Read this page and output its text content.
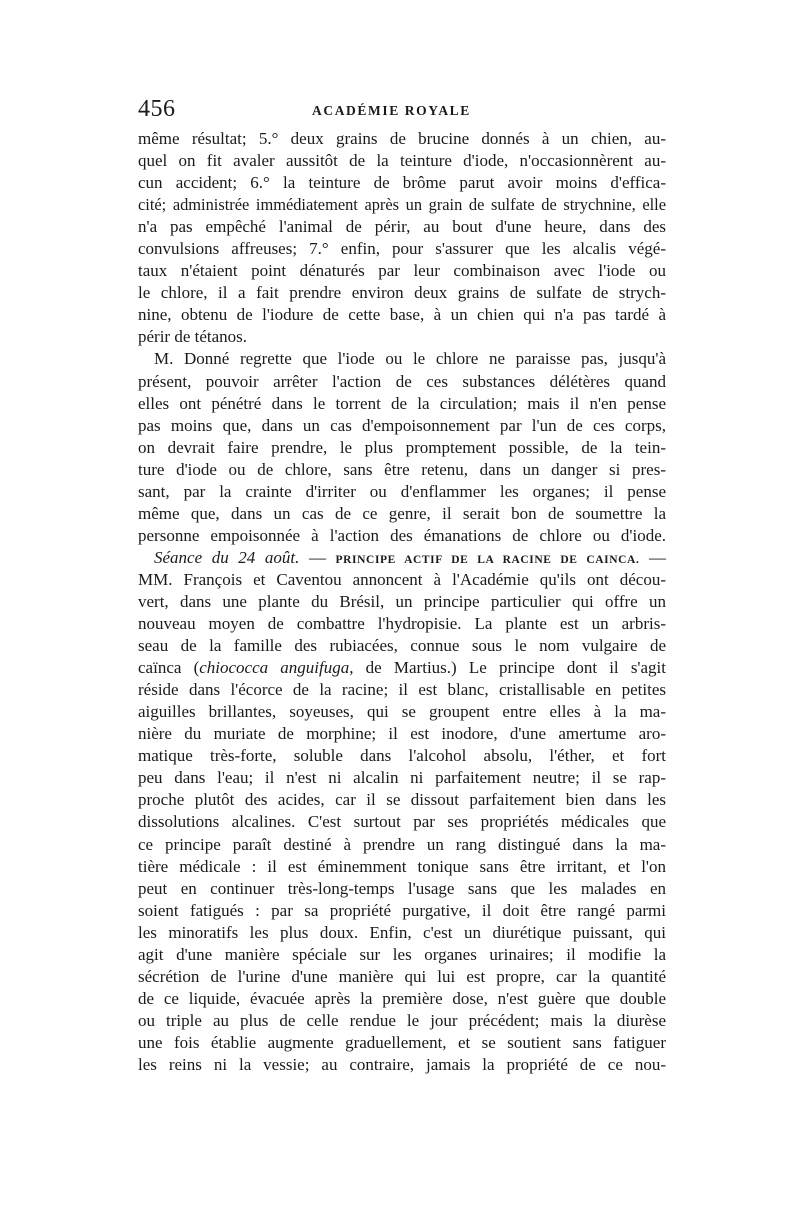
456	ACADÉMIE ROYALE
même résultat; 5.° deux grains de brucine donnés à un chien, au-
quel on fit avaler aussitôt de la teinture d'iode, n'occasionnèrent au-
cun accident; 6.° la teinture de brôme parut avoir moins d'effica-
cité; administrée immédiatement après un grain de sulfate de strychnine, elle
n'a pas empêché l'animal de périr, au bout d'une heure, dans des
convulsions affreuses; 7.° enfin, pour s'assurer que les alcalis végé-
taux n'étaient point dénaturés par leur combinaison avec l'iode ou
le chlore, il a fait prendre environ deux grains de sulfate de strych-
nine, obtenu de l'iodure de cette base, à un chien qui n'a pas tardé à
périr de tétanos.
M. Donné regrette que l'iode ou le chlore ne paraisse pas, jusqu'à
présent, pouvoir arrêter l'action de ces substances délétères quand
elles ont pénétré dans le torrent de la circulation; mais il n'en pense
pas moins que, dans un cas d'empoisonnement par l'un de ces corps,
on devrait faire prendre, le plus promptement possible, de la tein-
ture d'iode ou de chlore, sans être retenu, dans un danger si pres-
sant, par la crainte d'irriter ou d'enflammer les organes; il pense
même que, dans un cas de ce genre, il serait bon de soumettre la
personne empoisonnée à l'action des émanations de chlore ou d'iode.
Séance du 24 août. — PRINCIPE ACTIF DE LA RACINE DE CAINCA. —
MM. François et Caventou annoncent à l'Académie qu'ils ont décou-
vert, dans une plante du Brésil, un principe particulier qui offre un
nouveau moyen de combattre l'hydropisie. La plante est un arbris-
seau de la famille des rubiacées, connue sous le nom vulgaire de
caïnca (chiococca anguifuga, de Martius.) Le principe dont il s'agit
réside dans l'écorce de la racine; il est blanc, cristallisable en petites
aiguilles brillantes, soyeuses, qui se groupent entre elles à la ma-
nière du muriate de morphine; il est inodore, d'une amertume aro-
matique très-forte, soluble dans l'alcohol absolu, l'éther, et fort
peu dans l'eau; il n'est ni alcalin ni parfaitement neutre; il se rap-
proche plutôt des acides, car il se dissout parfaitement bien dans les
dissolutions alcalines. C'est surtout par ses propriétés médicales que
ce principe paraît destiné à prendre un rang distingué dans la ma-
tière médicale : il est éminemment tonique sans être irritant, et l'on
peut en continuer très-long-temps l'usage sans que les malades en
soient fatigués : par sa propriété purgative, il doit être rangé parmi
les minoratifs les plus doux. Enfin, c'est un diurétique puissant, qui
agit d'une manière spéciale sur les organes urinaires; il modifie la
sécrétion de l'urine d'une manière qui lui est propre, car la quantité
de ce liquide, évacuée après la première dose, n'est guère que double
ou triple au plus de celle rendue le jour précédent; mais la diurèse
une fois établie augmente graduellement, et se soutient sans fatiguer
les reins ni la vessie; au contraire, jamais la propriété de ce nou-
